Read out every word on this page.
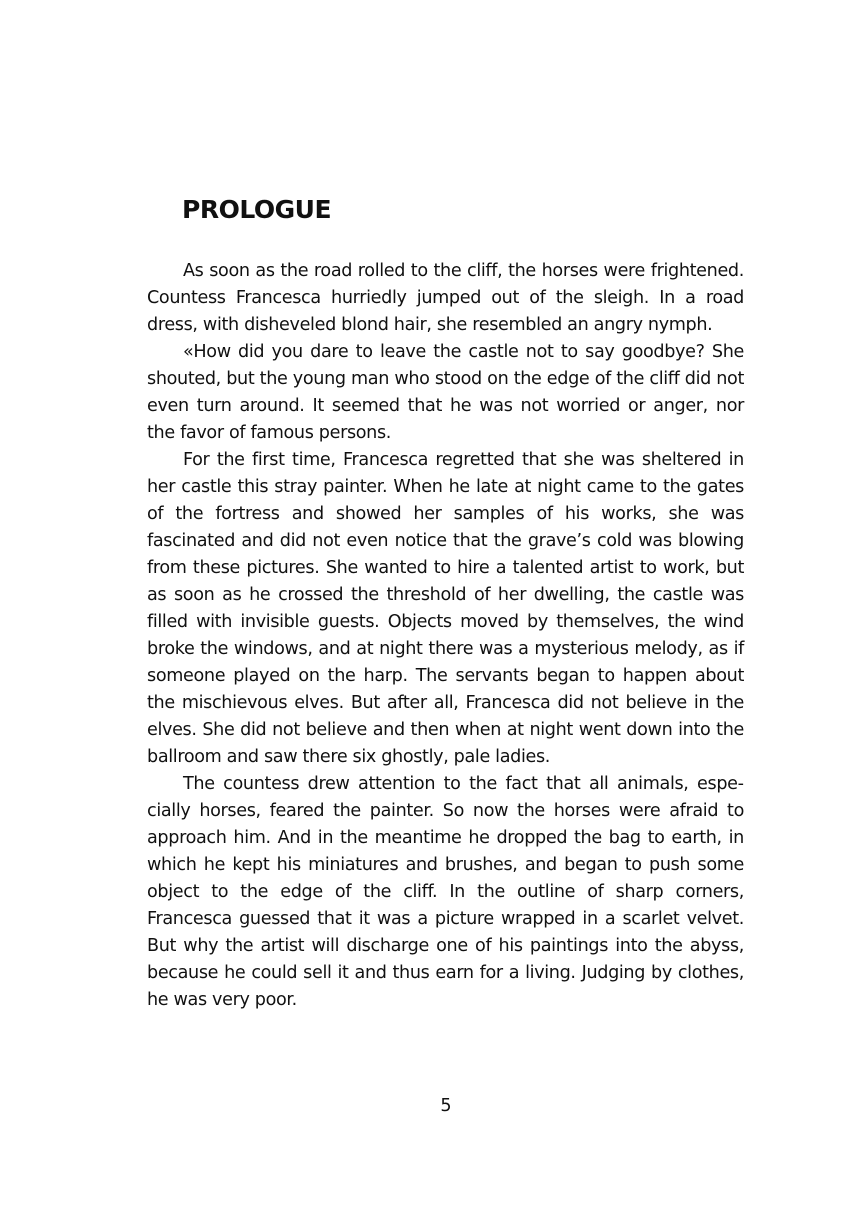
PROLOGUE

As soon as the road rolled to the cliff, the horses were frightened. Countess Francesca hurriedly jumped out of the sleigh. In a road dress, with disheveled blond hair, she resembled an angry nymph.

«How did you dare to leave the castle not to say goodbye? She shouted, but the young man who stood on the edge of the cliff did not even turn around. It seemed that he was not worried or anger, nor the favor of famous persons.

For the first time, Francesca regretted that she was sheltered in her castle this stray painter. When he late at night came to the gates of the fortress and showed her samples of his works, she was fascinated and did not even notice that the grave’s cold was blowing from these pictures. She wanted to hire a talented artist to work, but as soon as he crossed the threshold of her dwelling, the castle was filled with invisible guests. Objects moved by themselves, the wind broke the windows, and at night there was a mysterious melody, as if someone played on the harp. The servants began to happen about the mischievous elves. But after all, Francesca did not believe in the elves. She did not believe and then when at night went down into the ballroom and saw there six ghostly, pale ladies.

The countess drew attention to the fact that all animals, especially horses, feared the painter. So now the horses were afraid to approach him. And in the meantime he dropped the bag to earth, in which he kept his miniatures and brushes, and began to push some object to the edge of the cliff. In the outline of sharp corners, Francesca guessed that it was a picture wrapped in a scarlet velvet. But why the artist will discharge one of his paintings into the abyss, because he could sell it and thus earn for a living. Judging by clothes, he was very poor.

5
